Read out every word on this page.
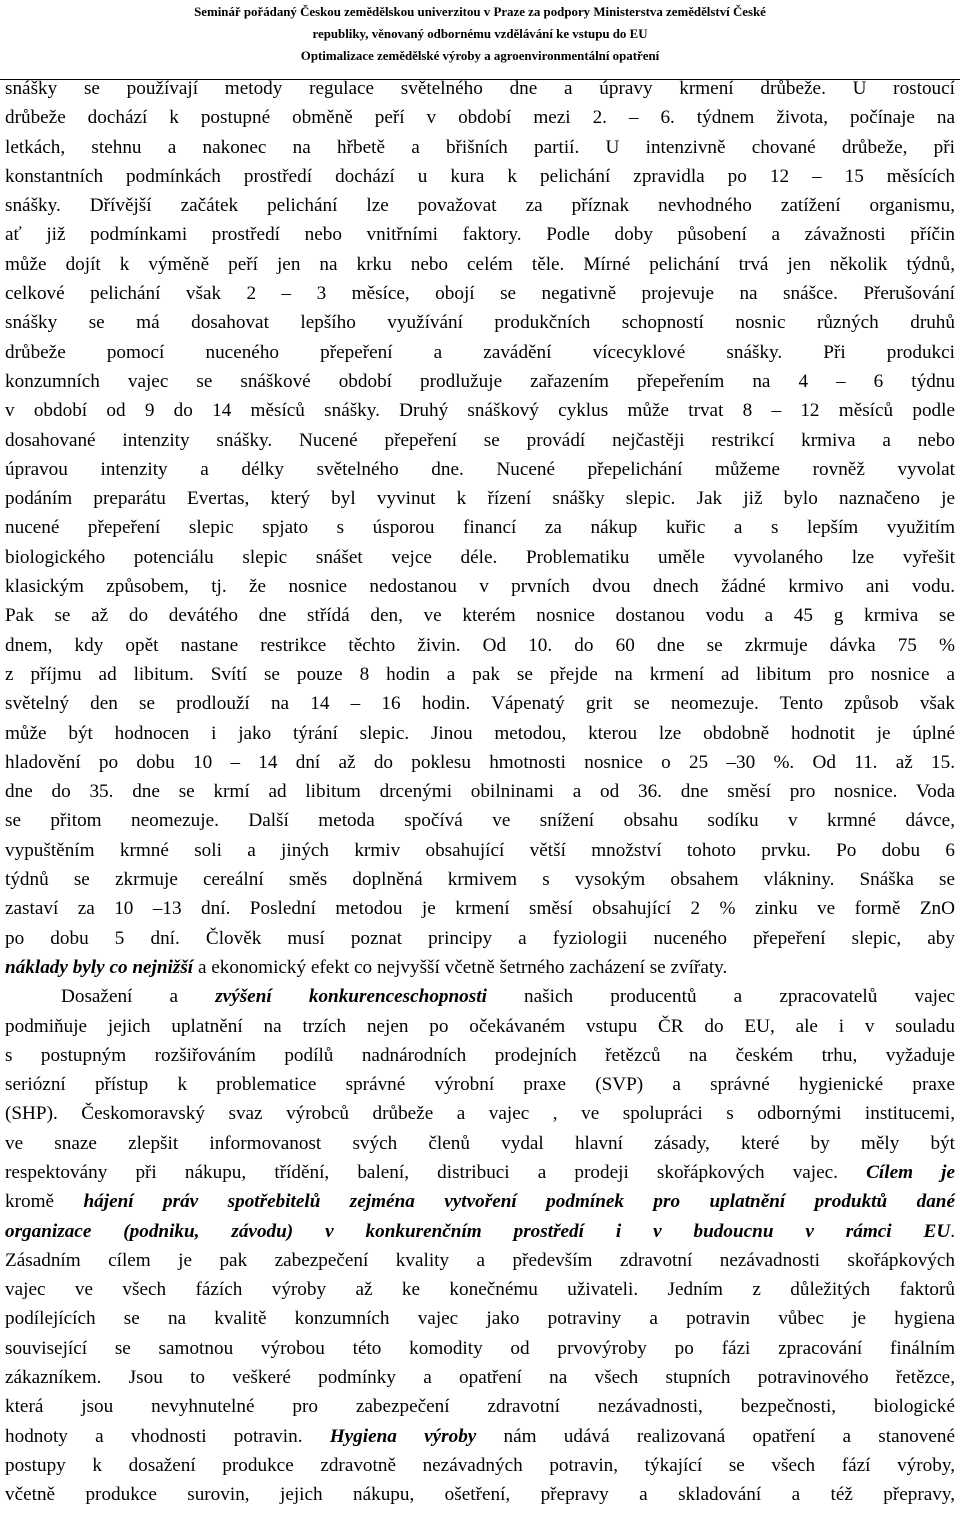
Seminář pořádaný Českou zemědělskou univerzitou v Praze za podpory Ministerstva zemědělství České
republiky, věnovaný odbornému vzdělávání ke vstupu do EU
Optimalizace zemědělské výroby a agroenvironmentální opatření
snášky se používají metody regulace světelného dne a úpravy krmení drůbeže. U rostoucí
drůbeže dochází k postupné obměně peří v období mezi 2. – 6. týdnem života, počínaje na
letkách, stehnu a nakonec na hřbetě a břišních partií. U intenzivně chované drůbeže, při
konstantních podmínkách prostředí dochází u kura k pelichání zpravidla po 12 – 15 měsících
snášky. Dřívější začátek pelichání lze považovat za příznak nevhodného zatížení organismu,
ať již podmínkami prostředí nebo vnitřními faktory. Podle doby působení a závažnosti příčin
může dojít k výměně peří jen na krku nebo celém těle. Mírné pelichání trvá jen několik týdnů,
celkové pelichání však 2 – 3 měsíce, obojí se negativně projevuje na snášce. Přerušování
snášky se má dosahovat lepšího využívání produkčních schopností nosnic různých druhů
drůbeže pomocí nuceného přepeření a zavádění vícecyklové snášky. Při produkci
konzumních vajec se snáškové období prodlužuje zařazením přepeřením na 4 – 6 týdnu
v období od 9 do 14 měsíců snášky. Druhý snáškový cyklus může trvat 8 – 12 měsíců podle
dosahované intenzity snášky. Nucené přepeření se provádí nejčastěji restrikcí krmiva a nebo
úpravou intenzity a délky světelného dne. Nucené přepelichání můžeme rovněž vyvolat
podáním preparátu Evertas, který byl vyvinut k řízení snášky slepic. Jak již bylo naznačeno je
nucené přepeření slepic spjato s úsporou financí za nákup kuřic a s lepším využitím
biologického potenciálu slepic snášet vejce déle. Problematiku uměle vyvolaného lze vyřešit
klasickým způsobem, tj. že nosnice nedostanou v prvních dvou dnech žádné krmivo ani vodu.
Pak se až do devátého dne střídá den, ve kterém nosnice dostanou vodu a 45 g krmiva se
dnem, kdy opět nastane restrikce těchto živin. Od 10. do 60 dne se zkrmuje dávka 75 %
z příjmu ad libitum. Svítí se pouze 8 hodin a pak se přejde na krmení ad libitum pro nosnice a
světelný den se prodlouží na 14 – 16 hodin. Vápenatý grit se neomezuje. Tento způsob však
může být hodnocen i jako týrání slepic. Jinou metodou, kterou lze obdobně hodnotit je úplné
hladovění po dobu 10 – 14 dní až do poklesu hmotnosti nosnice o 25 –30 %. Od 11. až 15.
dne do 35. dne se krmí ad libitum drcenými obilninami a od 36. dne směsí pro nosnice. Voda
se přitom neomezuje. Další metoda spočívá ve snížení obsahu sodíku v krmné dávce,
vypuštěním krmné soli a jiných krmiv obsahující větší množství tohoto prvku. Po dobu 6
týdnů se zkrmuje cereální směs doplněná krmivem s vysokým obsahem vlákniny. Snáška se
zastaví za 10 –13 dní. Poslední metodou je krmení směsí obsahující 2 % zinku ve formě ZnO
po dobu 5 dní. Člověk musí poznat principy a fyziologii nuceného přepeření slepic, aby
náklady byly co nejnižší a ekonomický efekt co nejvyšší včetně šetrného zacházení se zvířaty.
Dosažení a zvýšení konkurenceschopnosti našich producentů a zpracovatelů vajec
podmiňuje jejich uplatnění na trzích nejen po očekávaném vstupu ČR do EU, ale i v souladu
s postupným rozšiřováním podílů nadnárodních prodejních řetězců na českém trhu, vyžaduje
seriózní přístup k problematice správné výrobní praxe (SVP) a správné hygienické praxe
(SHP). Českomoravský svaz výrobců drůbeže a vajec , ve spolupráci s odbornými institucemi,
ve snaze zlepšit informovanost svých členů vydal hlavní zásady, které by měly být
respektovány při nákupu, třídění, balení, distribuci a prodeji skořápkových vajec. Cílem je
kromě hájení práv spotřebitelů zejména vytvoření podmínek pro uplatnění produktů dané
organizace (podniku, závodu) v konkurenčním prostředí i v budoucnu v rámci EU.
Zásadním cílem je pak zabezpečení kvality a především zdravotní nezávadnosti skořápkových
vajec ve všech fázích výroby až ke konečnému uživateli. Jedním z důležitých faktorů
podílejících se na kvalitě konzumních vajec jako potraviny a potravin vůbec je hygiena
související se samotnou výrobou této komodity od prvovýroby po fázi zpracování finálním
zákazníkem. Jsou to veškeré podmínky a opatření na všech stupních potravinového řetězce,
která jsou nevyhnutelné pro zabezpečení zdravotní nezávadnosti, bezpečnosti, biologické
hodnoty a vhodnosti potravin. Hygiena výroby nám udává realizovaná opatření a stanovené
postupy k dosažení produkce zdravotně nezávadných potravin, týkající se všech fází výroby,
včetně produkce surovin, jejich nákupu, ošetření, přepravy a skladování a též přepravy,
